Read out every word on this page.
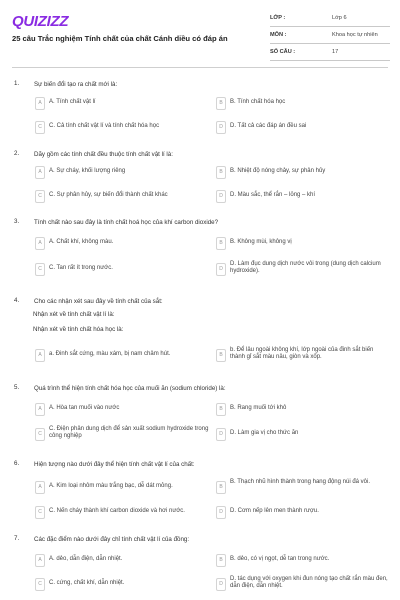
QUIZIZZ
25 câu Trắc nghiệm Tính chất của chất Cánh diều có đáp án
LỚP :	Lớp 6
MÔN :	Khoa học tự nhiên
SỐ CÂU :	17
1. Sự biến đổi tạo ra chất mới là:
A	A. Tính chất vật lí	B	B. Tính chất hóa học
C	C. Cả tính chất vật lí và tính chất hóa học	D	D. Tất cả các đáp án đều sai
2. Dãy gồm các tính chất đều thuộc tính chất vật lí là:
A	A. Sự cháy, khối lượng riêng	B	B. Nhiệt độ nóng chảy, sự phân hủy
C	C. Sự phân hủy, sự biến đổi thành chất khác	D	D. Màu sắc, thể rắn – lỏng – khí
3. Tính chất nào sau đây là tính chất hoá học của khí carbon dioxide?
A	A. Chất khí, không màu.	B	B. Không mùi, không vị
C	C. Tan rất ít trong nước.	D
D. Làm đục dung dịch nước vôi trong (dung dịch calcium hydroxide).
4. Cho các nhận xét sau đây về tính chất của sắt:
Nhận xét về tính chất vật lí là:
Nhận xét về tính chất hóa học là:
A	a. Đinh sắt cứng, màu xám, bị nam châm hút.	B
b. Để lâu ngoài không khí, lớp ngoài của đinh sắt biến thành gỉ sắt màu nâu, giòn và xốp.
5. Quá trình thể hiện tính chất hóa học của muối ăn (sodium chloride) là:
A	A. Hòa tan muối vào nước	B	B. Rang muối tới khô
C
C. Điện phân dung dịch để sản xuất sodium hydroxide trong công nghiệp	D	D. Làm gia vị cho thức ăn
6. Hiện tượng nào dưới đây thể hiện tính chất vật lí của chất:
A	A. Kim loại nhôm màu trắng bạc, dễ dát mỏng.	B
B. Thạch nhũ hình thành trong hang động núi đá vôi.
C	C. Nến cháy thành khí carbon dioxide và hơi nước.	D	D. Cơm nếp lên men thành rượu.
7. Các đặc điểm nào dưới đây chỉ tính chất vật lí của đồng:
A	A. dẻo, dẫn điện, dẫn nhiệt.	B	B. dẻo, có vị ngọt, dễ tan trong nước.
C	C. cứng, chất khí, dẫn nhiệt.	D
D. tác dụng với oxygen khi đun nóng tạo chất rắn màu đen, dẫn điện, dẫn nhiệt.
